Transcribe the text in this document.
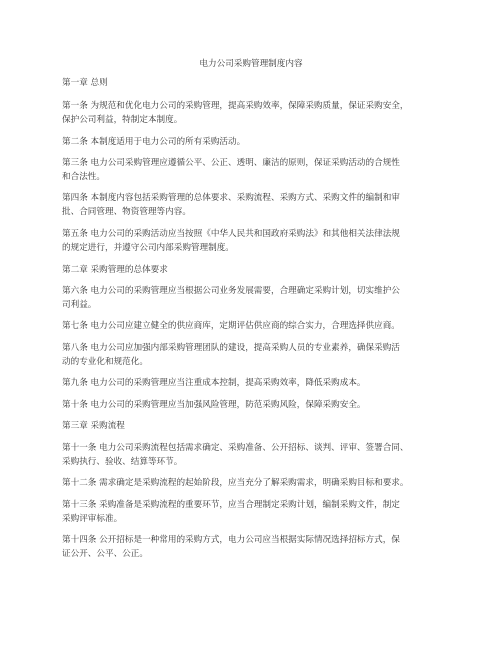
电力公司采购管理制度内容

第一章 总则

第一条 为规范和优化电力公司的采购管理，提高采购效率，保障采购质量，保证采购安全，
保护公司利益，特制定本制度。

第二条 本制度适用于电力公司的所有采购活动。

第三条 电力公司采购管理应遵循公平、公正、透明、廉洁的原则，保证采购活动的合规性
和合法性。

第四条 本制度内容包括采购管理的总体要求、采购流程、采购方式、采购文件的编制和审
批、合同管理、物资管理等内容。

第五条 电力公司的采购活动应当按照《中华人民共和国政府采购法》和其他相关法律法规
的规定进行，并遵守公司内部采购管理制度。

第二章 采购管理的总体要求

第六条 电力公司的采购管理应当根据公司业务发展需要，合理确定采购计划，切实维护公
司利益。

第七条 电力公司应建立健全的供应商库，定期评估供应商的综合实力，合理选择供应商。

第八条 电力公司应加强内部采购管理团队的建设，提高采购人员的专业素养，确保采购活
动的专业化和规范化。

第九条 电力公司的采购管理应当注重成本控制，提高采购效率，降低采购成本。

第十条 电力公司的采购管理应当加强风险管理，防范采购风险，保障采购安全。

第三章 采购流程

第十一条 电力公司采购流程包括需求确定、采购准备、公开招标、谈判、评审、签署合同、
采购执行、验收、结算等环节。

第十二条 需求确定是采购流程的起始阶段，应当充分了解采购需求，明确采购目标和要求。

第十三条 采购准备是采购流程的重要环节，应当合理制定采购计划，编制采购文件，制定
采购评审标准。

第十四条 公开招标是一种常用的采购方式，电力公司应当根据实际情况选择招标方式，保
证公开、公平、公正。
